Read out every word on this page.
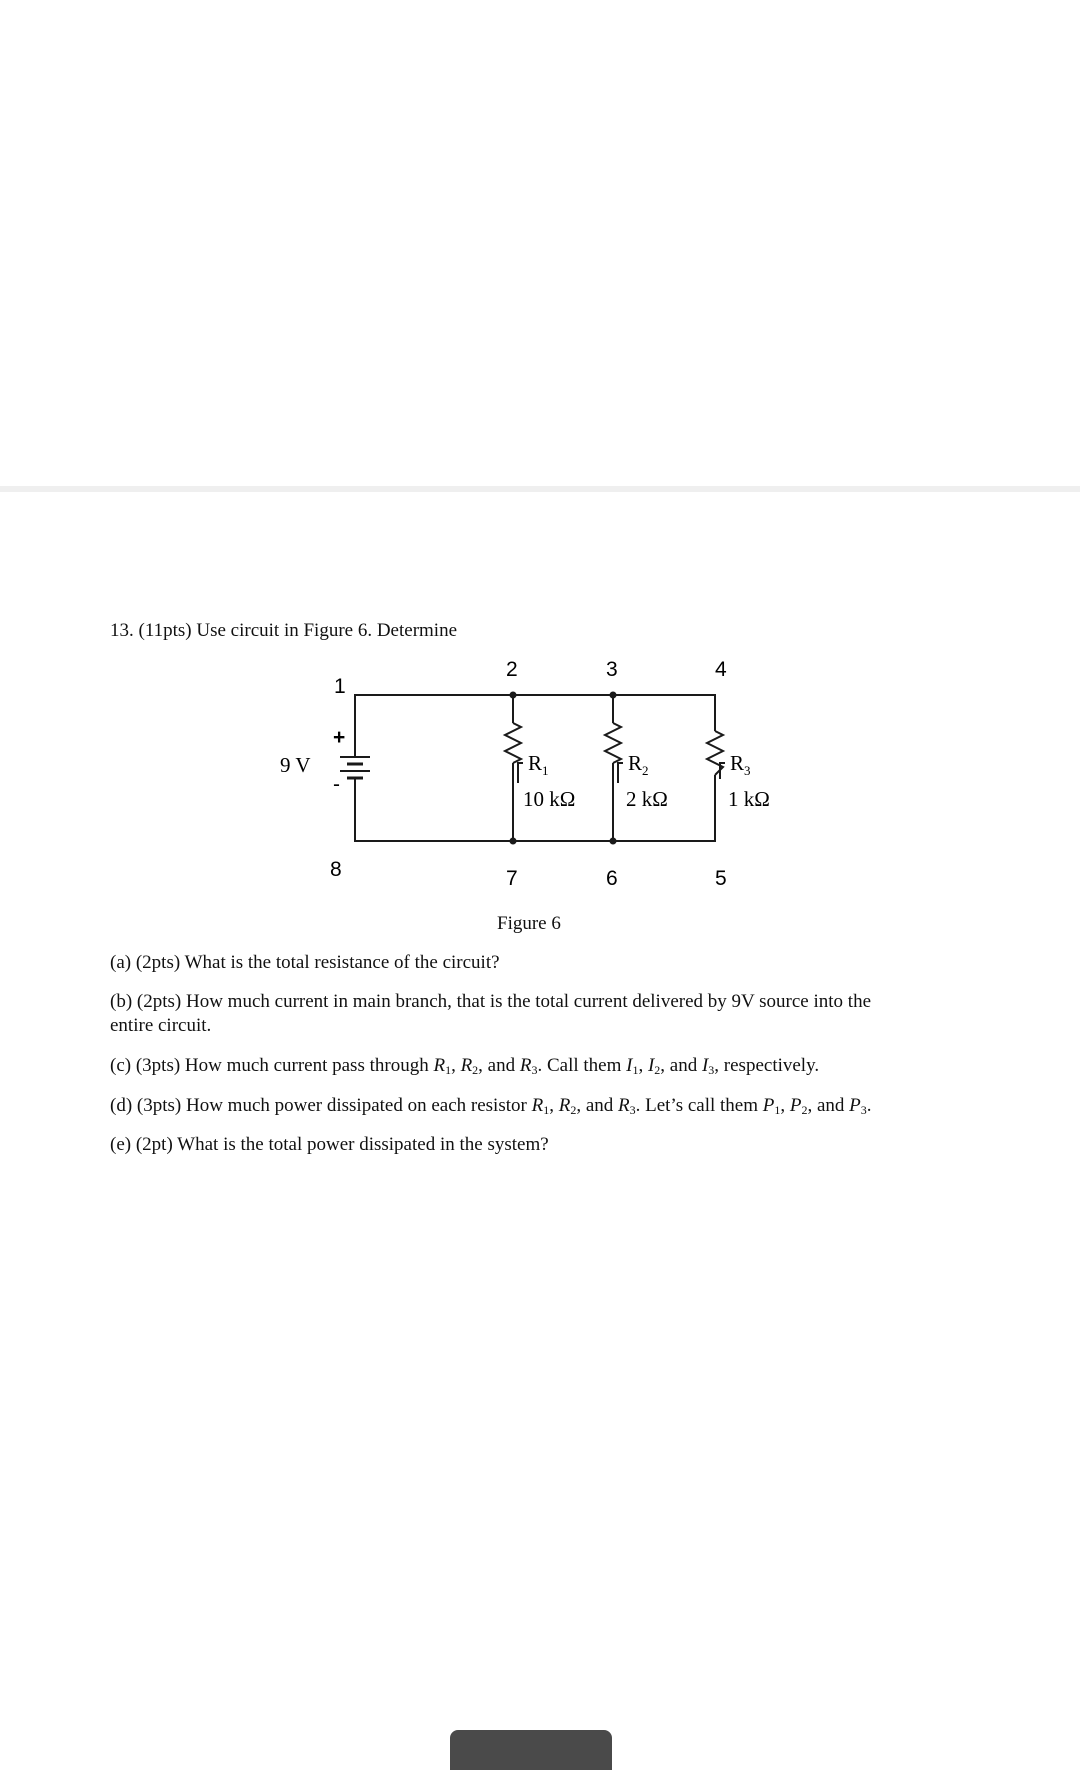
13. (11pts) Use circuit in Figure 6. Determine
1
2	3	4
5
6
7
8
+
-
9 V	$R_1$
10 kΩ
$R_2$
2 kΩ
$R_3$
1 kΩ
Figure 6
(a) (2pts) What is the total resistance of the circuit?
(b) (2pts) How much current in main branch, that is the total current delivered by 9V source into the
entire circuit.
(c) (3pts) How much current pass through $R_1$, $R_2$, and $R_3$. Call them $I_1$, $I_2$, and $I_3$, respectively.
(d) (3pts) How much power dissipated on each resistor $R_1$, $R_2$, and $R_3$. Let’s call them $P_1$, $P_2$, and $P_3$.
(e) (2pt) What is the total power dissipated in the system?
